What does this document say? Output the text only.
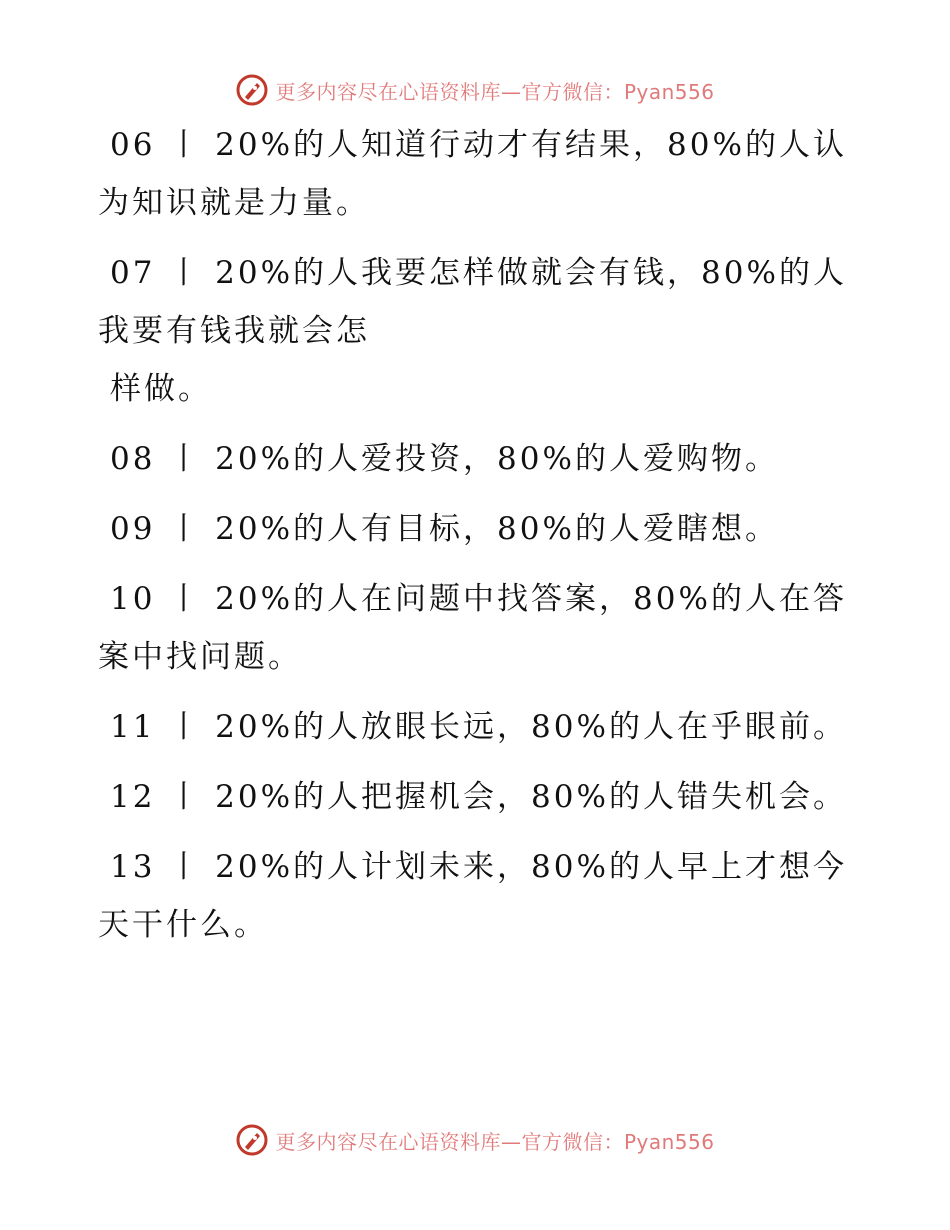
更多内容尽在心语资料库—官方微信：Pyan556

06 丨 20%的人知道行动才有结果，80%的人认为知识就是力量。

07 丨 20%的人我要怎样做就会有钱，80%的人我要有钱我就会怎

样做。

08 丨 20%的人爱投资，80%的人爱购物。

09 丨 20%的人有目标，80%的人爱瞎想。

10 丨 20%的人在问题中找答案，80%的人在答案中找问题。

11 丨 20%的人放眼长远，80%的人在乎眼前。

12 丨 20%的人把握机会，80%的人错失机会。

13 丨 20%的人计划未来，80%的人早上才想今天干什么。

更多内容尽在心语资料库—官方微信：Pyan556
